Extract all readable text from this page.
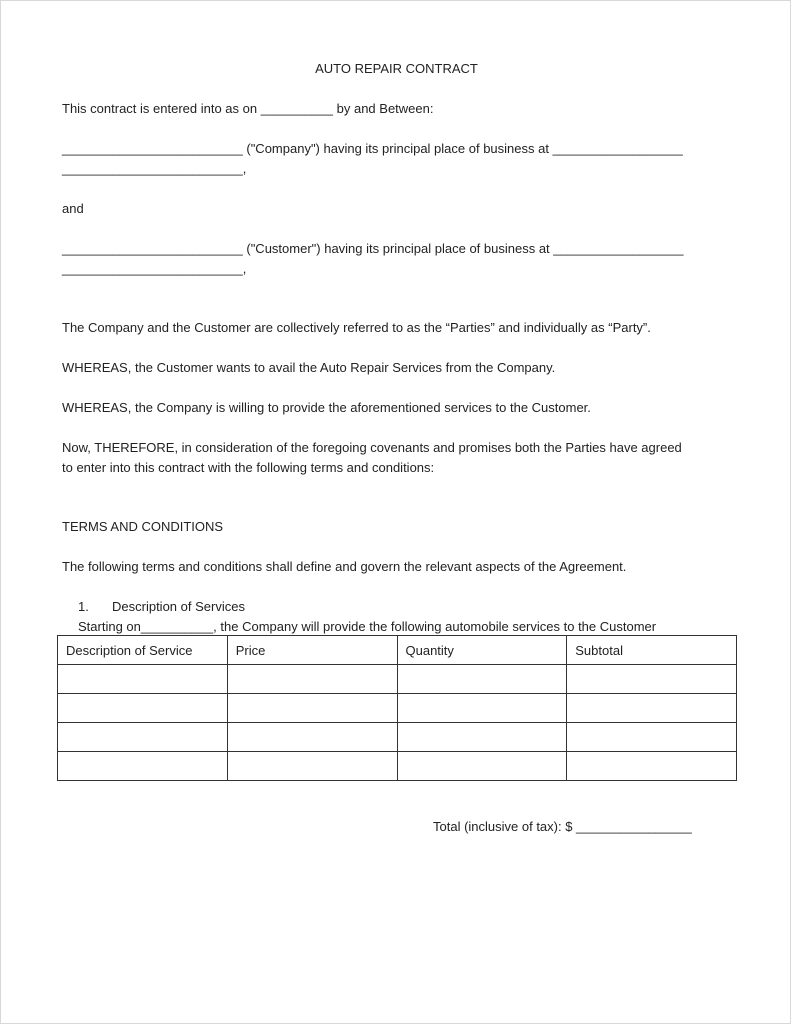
AUTO REPAIR CONTRACT
This contract is entered into as on __________ by and Between:
_________________________ ("Company") having its principal place of business at __________________
_________________________,
and
_________________________ ("Customer") having its principal place of business at __________________
_________________________,
The Company and the Customer are collectively referred to as the “Parties” and individually as “Party”.
WHEREAS, the Customer wants to avail the Auto Repair Services from the Company.
WHEREAS, the Company is willing to provide the aforementioned services to the Customer.
Now, THEREFORE, in consideration of the foregoing covenants and promises both the Parties have agreed
to enter into this contract with the following terms and conditions:
TERMS AND CONDITIONS
The following terms and conditions shall define and govern the relevant aspects of the Agreement.
1. Description of Services
Starting on__________, the Company will provide the following automobile services to the Customer
Description of Service	Price	Quantity	Subtotal

Total (inclusive of tax): $ ________________
